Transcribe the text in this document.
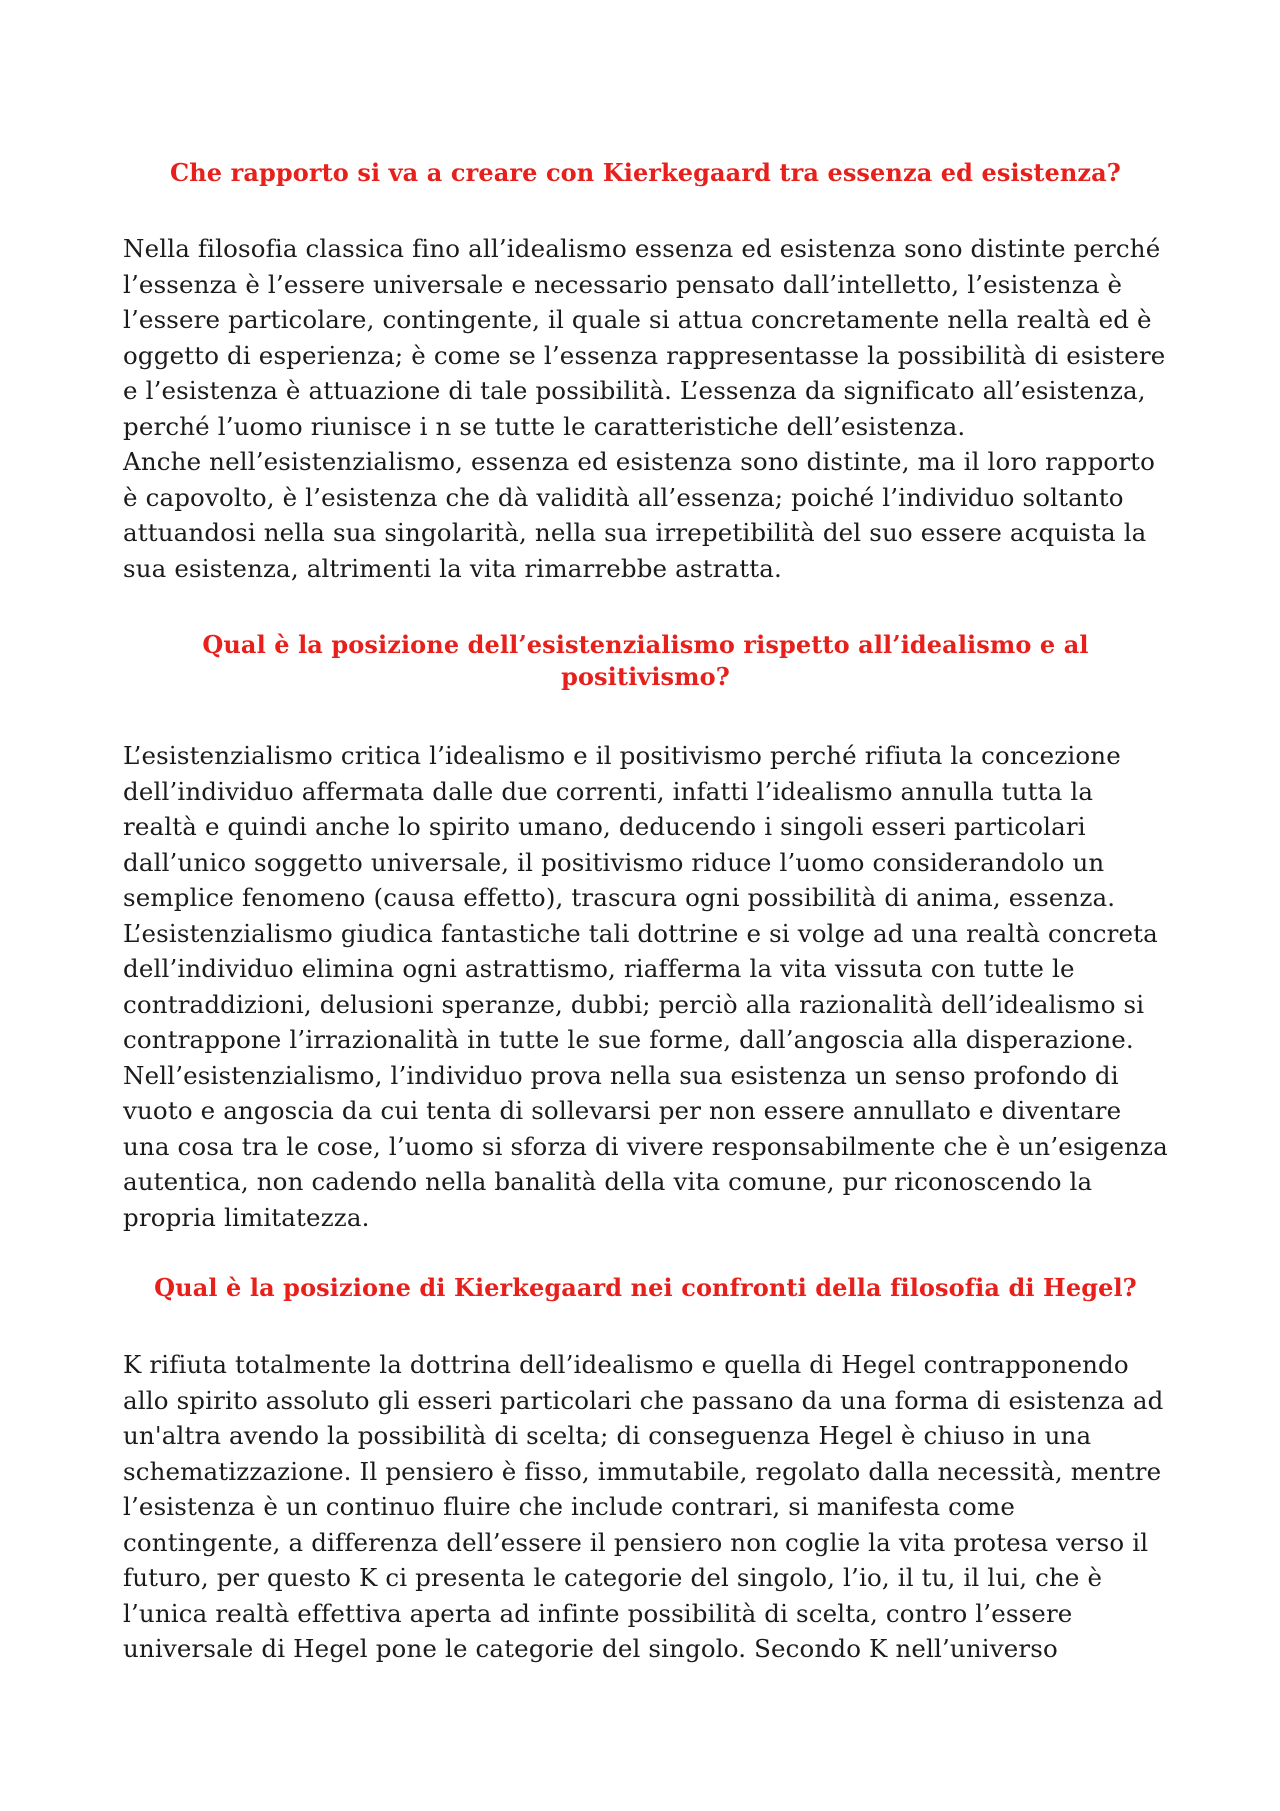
Che rapporto si va a creare con Kierkegaard tra essenza ed esistenza?

Nella filosofia classica fino all’idealismo essenza ed esistenza sono distinte perché l’essenza è l’essere universale e necessario pensato dall’intelletto, l’esistenza è l’essere particolare, contingente, il quale si attua concretamente nella realtà ed è oggetto di esperienza; è come se l’essenza rappresentasse la possibilità di esistere e l’esistenza è attuazione di tale possibilità. L’essenza da significato all’esistenza, perché l’uomo riunisce i n se tutte le caratteristiche dell’esistenza.

Anche nell’esistenzialismo, essenza ed esistenza sono distinte, ma il loro rapporto è capovolto, è l’esistenza che dà validità all’essenza; poiché l’individuo soltanto attuandosi nella sua singolarità, nella sua irrepetibilità del suo essere acquista la sua esistenza, altrimenti la vita rimarrebbe astratta.

Qual è la posizione dell’esistenzialismo rispetto all’idealismo e al positivismo?

L’esistenzialismo critica l’idealismo e il positivismo perché rifiuta la concezione dell’individuo affermata dalle due correnti, infatti l’idealismo annulla tutta la realtà e quindi anche lo spirito umano, deducendo i singoli esseri particolari dall’unico soggetto universale, il positivismo riduce l’uomo considerandolo un semplice fenomeno (causa effetto), trascura ogni possibilità di anima, essenza. L’esistenzialismo giudica fantastiche tali dottrine e si volge ad una realtà concreta dell’individuo elimina ogni astrattismo, riafferma la vita vissuta con tutte le contraddizioni, delusioni speranze, dubbi; perciò alla razionalità dell’idealismo si contrappone l’irrazionalità in tutte le sue forme, dall’angoscia alla disperazione.

Nell’esistenzialismo, l’individuo prova nella sua esistenza un senso profondo di vuoto e angoscia da cui tenta di sollevarsi per non essere annullato e diventare una cosa tra le cose, l’uomo si sforza di vivere responsabilmente che è un’esigenza autentica, non cadendo nella banalità della vita comune, pur riconoscendo la propria limitatezza.

Qual è la posizione di Kierkegaard nei confronti della filosofia di Hegel?

K rifiuta totalmente la dottrina dell’idealismo e quella di Hegel contrapponendo allo spirito assoluto gli esseri particolari che passano da una forma di esistenza ad un'altra avendo la possibilità di scelta; di conseguenza Hegel è chiuso in una schematizzazione. Il pensiero è fisso, immutabile, regolato dalla necessità, mentre l’esistenza è un continuo fluire che include contrari, si manifesta come contingente, a differenza dell’essere il pensiero non coglie la vita protesa verso il futuro, per questo K ci presenta le categorie del singolo, l’io, il tu, il lui, che è l’unica realtà effettiva aperta ad infinte possibilità di scelta, contro l’essere universale di Hegel pone le categorie del singolo. Secondo K nell’universo
